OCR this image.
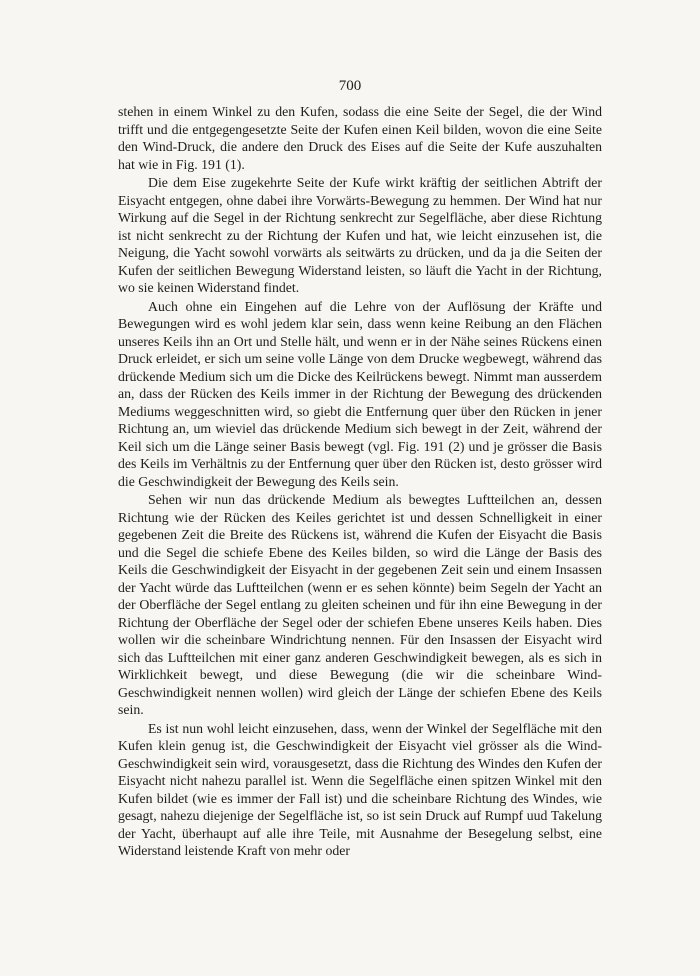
700

stehen in einem Winkel zu den Kufen, sodass die eine Seite der Segel, die der Wind trifft und die entgegengesetzte Seite der Kufen einen Keil bilden, wovon die eine Seite den Wind-Druck, die andere den Druck des Eises auf die Seite der Kufe auszuhalten hat wie in Fig. 191 (1).

Die dem Eise zugekehrte Seite der Kufe wirkt kräftig der seitlichen Abtrift der Eisyacht entgegen, ohne dabei ihre Vorwärts-Bewegung zu hemmen. Der Wind hat nur Wirkung auf die Segel in der Richtung senkrecht zur Segelfläche, aber diese Richtung ist nicht senkrecht zu der Richtung der Kufen und hat, wie leicht einzusehen ist, die Neigung, die Yacht sowohl vorwärts als seitwärts zu drücken, und da ja die Seiten der Kufen der seitlichen Bewegung Widerstand leisten, so läuft die Yacht in der Richtung, wo sie keinen Widerstand findet.

Auch ohne ein Eingehen auf die Lehre von der Auflösung der Kräfte und Bewegungen wird es wohl jedem klar sein, dass wenn keine Reibung an den Flächen unseres Keils ihn an Ort und Stelle hält, und wenn er in der Nähe seines Rückens einen Druck erleidet, er sich um seine volle Länge von dem Drucke wegbewegt, während das drückende Medium sich um die Dicke des Keilrückens bewegt. Nimmt man ausserdem an, dass der Rücken des Keils immer in der Richtung der Bewegung des drückenden Mediums weggeschnitten wird, so giebt die Entfernung quer über den Rücken in jener Richtung an, um wieviel das drückende Medium sich bewegt in der Zeit, während der Keil sich um die Länge seiner Basis bewegt (vgl. Fig. 191 (2) und je grösser die Basis des Keils im Verhältnis zu der Entfernung quer über den Rücken ist, desto grösser wird die Geschwindigkeit der Bewegung des Keils sein.

Sehen wir nun das drückende Medium als bewegtes Luftteilchen an, dessen Richtung wie der Rücken des Keiles gerichtet ist und dessen Schnelligkeit in einer gegebenen Zeit die Breite des Rückens ist, während die Kufen der Eisyacht die Basis und die Segel die schiefe Ebene des Keiles bilden, so wird die Länge der Basis des Keils die Geschwindigkeit der Eisyacht in der gegebenen Zeit sein und einem Insassen der Yacht würde das Luftteilchen (wenn er es sehen könnte) beim Segeln der Yacht an der Oberfläche der Segel entlang zu gleiten scheinen und für ihn eine Bewegung in der Richtung der Oberfläche der Segel oder der schiefen Ebene unseres Keils haben. Dies wollen wir die scheinbare Windrichtung nennen. Für den Insassen der Eisyacht wird sich das Luftteilchen mit einer ganz anderen Geschwindigkeit bewegen, als es sich in Wirklichkeit bewegt, und diese Bewegung (die wir die scheinbare Wind-Geschwindigkeit nennen wollen) wird gleich der Länge der schiefen Ebene des Keils sein.

Es ist nun wohl leicht einzusehen, dass, wenn der Winkel der Segelfläche mit den Kufen klein genug ist, die Geschwindigkeit der Eisyacht viel grösser als die Wind-Geschwindigkeit sein wird, vorausgesetzt, dass die Richtung des Windes den Kufen der Eisyacht nicht nahezu parallel ist. Wenn die Segelfläche einen spitzen Winkel mit den Kufen bildet (wie es immer der Fall ist) und die scheinbare Richtung des Windes, wie gesagt, nahezu diejenige der Segelfläche ist, so ist sein Druck auf Rumpf uud Takelung der Yacht, überhaupt auf alle ihre Teile, mit Ausnahme der Besegelung selbst, eine Widerstand leistende Kraft von mehr oder
